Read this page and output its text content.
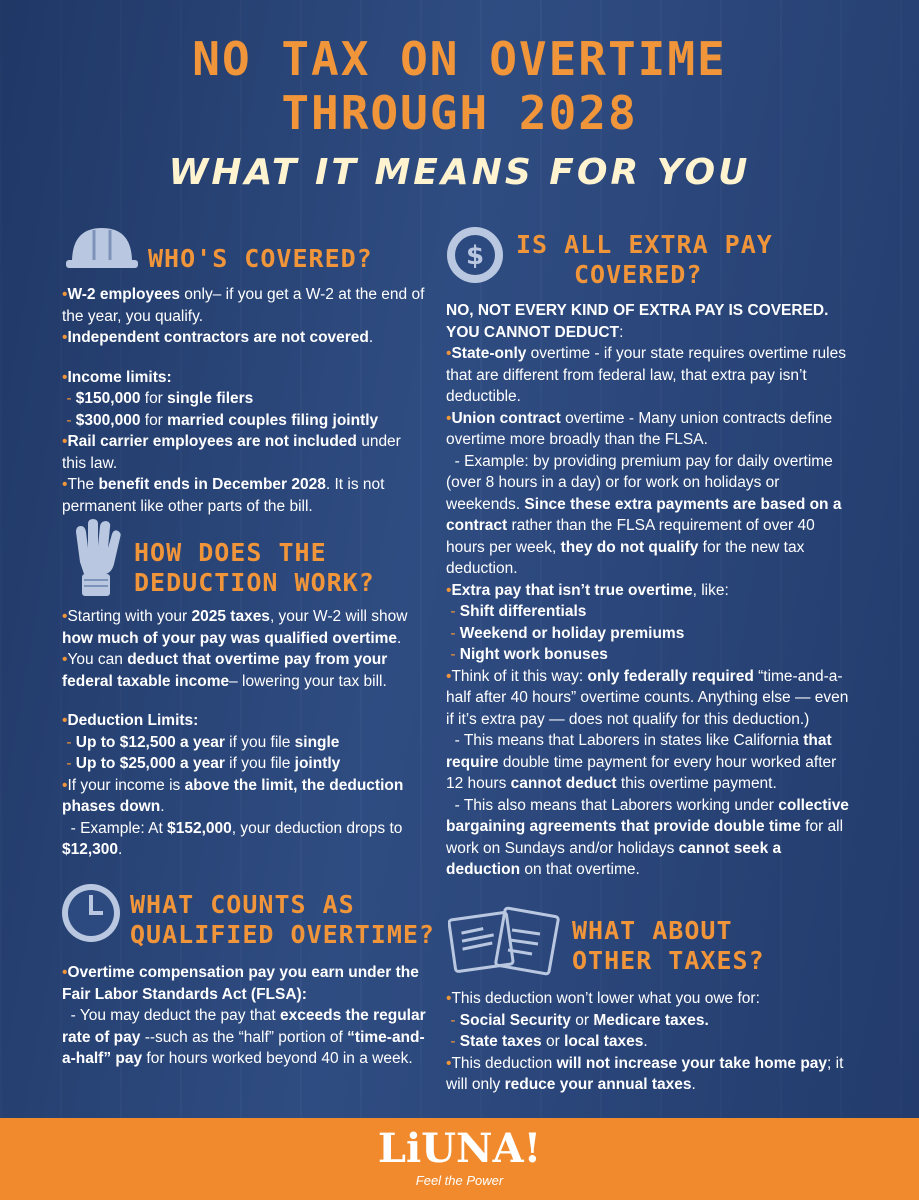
NO TAX ON OVERTIME
THROUGH 2028
WHAT IT MEANS FOR YOU
WHO'S COVERED?

•W-2 employees only– if you get a W-2 at the end of the year, you qualify.

•Independent contractors are not covered.

•Income limits:

- $150,000 for single filers

- $300,000 for married couples filing jointly

•Rail carrier employees are not included under this law.

•The benefit ends in December 2028. It is not permanent like other parts of the bill.

HOW DOES THE
DEDUCTION WORK?

•Starting with your 2025 taxes, your W-2 will show how much of your pay was qualified overtime.

•You can deduct that overtime pay from your federal taxable income– lowering your tax bill.

•Deduction Limits:

- Up to $12,500 a year if you file single

- Up to $25,000 a year if you file jointly

•If your income is above the limit, the deduction phases down.

- Example: At $152,000, your deduction drops to $12,300.

WHAT COUNTS AS
QUALIFIED OVERTIME?

•Overtime compensation pay you earn under the Fair Labor Standards Act (FLSA):

- You may deduct the pay that exceeds the regular rate of pay --such as the “half” portion of “time-and-a-half” pay for hours worked beyond 40 in a week.

$ IS ALL EXTRA PAY
COVERED?

NO, NOT EVERY KIND OF EXTRA PAY IS COVERED. YOU CANNOT DEDUCT:

•State-only overtime - if your state requires overtime rules that are different from federal law, that extra pay isn’t deductible.

•Union contract overtime - Many union contracts define overtime more broadly than the FLSA.

- Example: by providing premium pay for daily overtime (over 8 hours in a day) or for work on holidays or weekends. Since these extra payments are based on a contract rather than the FLSA requirement of over 40 hours per week, they do not qualify for the new tax deduction.

•Extra pay that isn’t true overtime, like:

- Shift differentials

- Weekend or holiday premiums

- Night work bonuses

•Think of it this way: only federally required “time-and-a-half after 40 hours” overtime counts. Anything else — even if it’s extra pay — does not qualify for this deduction.)

- This means that Laborers in states like California that require double time payment for every hour worked after 12 hours cannot deduct this overtime payment.

- This also means that Laborers working under collective bargaining agreements that provide double time for all work on Sundays and/or holidays cannot seek a deduction on that overtime.

WHAT ABOUT
OTHER TAXES?

•This deduction won’t lower what you owe for:

- Social Security or Medicare taxes.

- State taxes or local taxes.

•This deduction will not increase your take home pay; it will only reduce your annual taxes.

LiUNA!
Feel the Power
